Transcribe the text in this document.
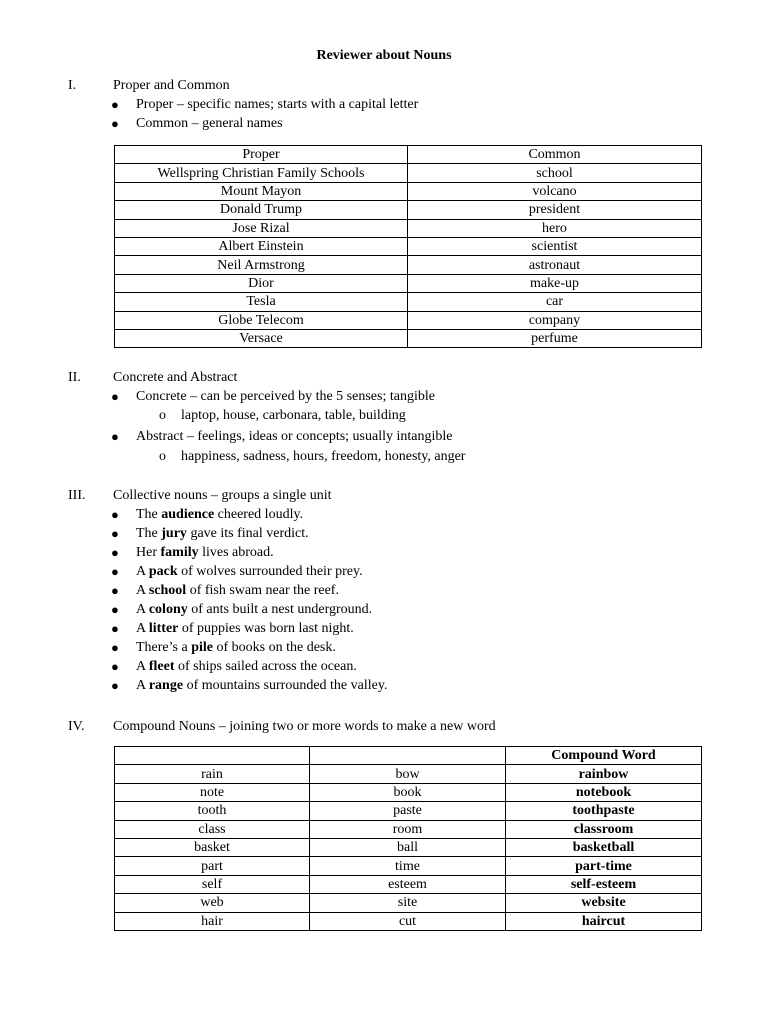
Reviewer about Nouns
I.	Proper and Common
● Proper – specific names; starts with a capital letter
● Common – general names
Proper	Common
Wellspring Christian Family Schools	school
Mount Mayon	volcano
Donald Trump	president
Jose Rizal	hero
Albert Einstein	scientist
Neil Armstrong	astronaut
Dior	make-up
Tesla	car
Globe Telecom	company
Versace	perfume
II. Concrete and Abstract
● Concrete – can be perceived by the 5 senses; tangible
o laptop, house, carbonara, table, building
● Abstract – feelings, ideas or concepts; usually intangible
o happiness, sadness, hours, freedom, honesty, anger
III. Collective nouns – groups a single unit
● The audience cheered loudly.
● The jury gave its final verdict.
● Her family lives abroad.
● A pack of wolves surrounded their prey.
● A school of fish swam near the reef.
● A colony of ants built a nest underground.
● A litter of puppies was born last night.
● There’s a pile of books on the desk.
● A fleet of ships sailed across the ocean.
● A range of mountains surrounded the valley.
IV. Compound Nouns – joining two or more words to make a new word
		Compound Word
rain	bow	rainbow
note	book	notebook
tooth	paste	toothpaste
class	room	classroom
basket	ball	basketball
part	time	part-time
self	esteem	self-esteem
web	site	website
hair	cut	haircut
